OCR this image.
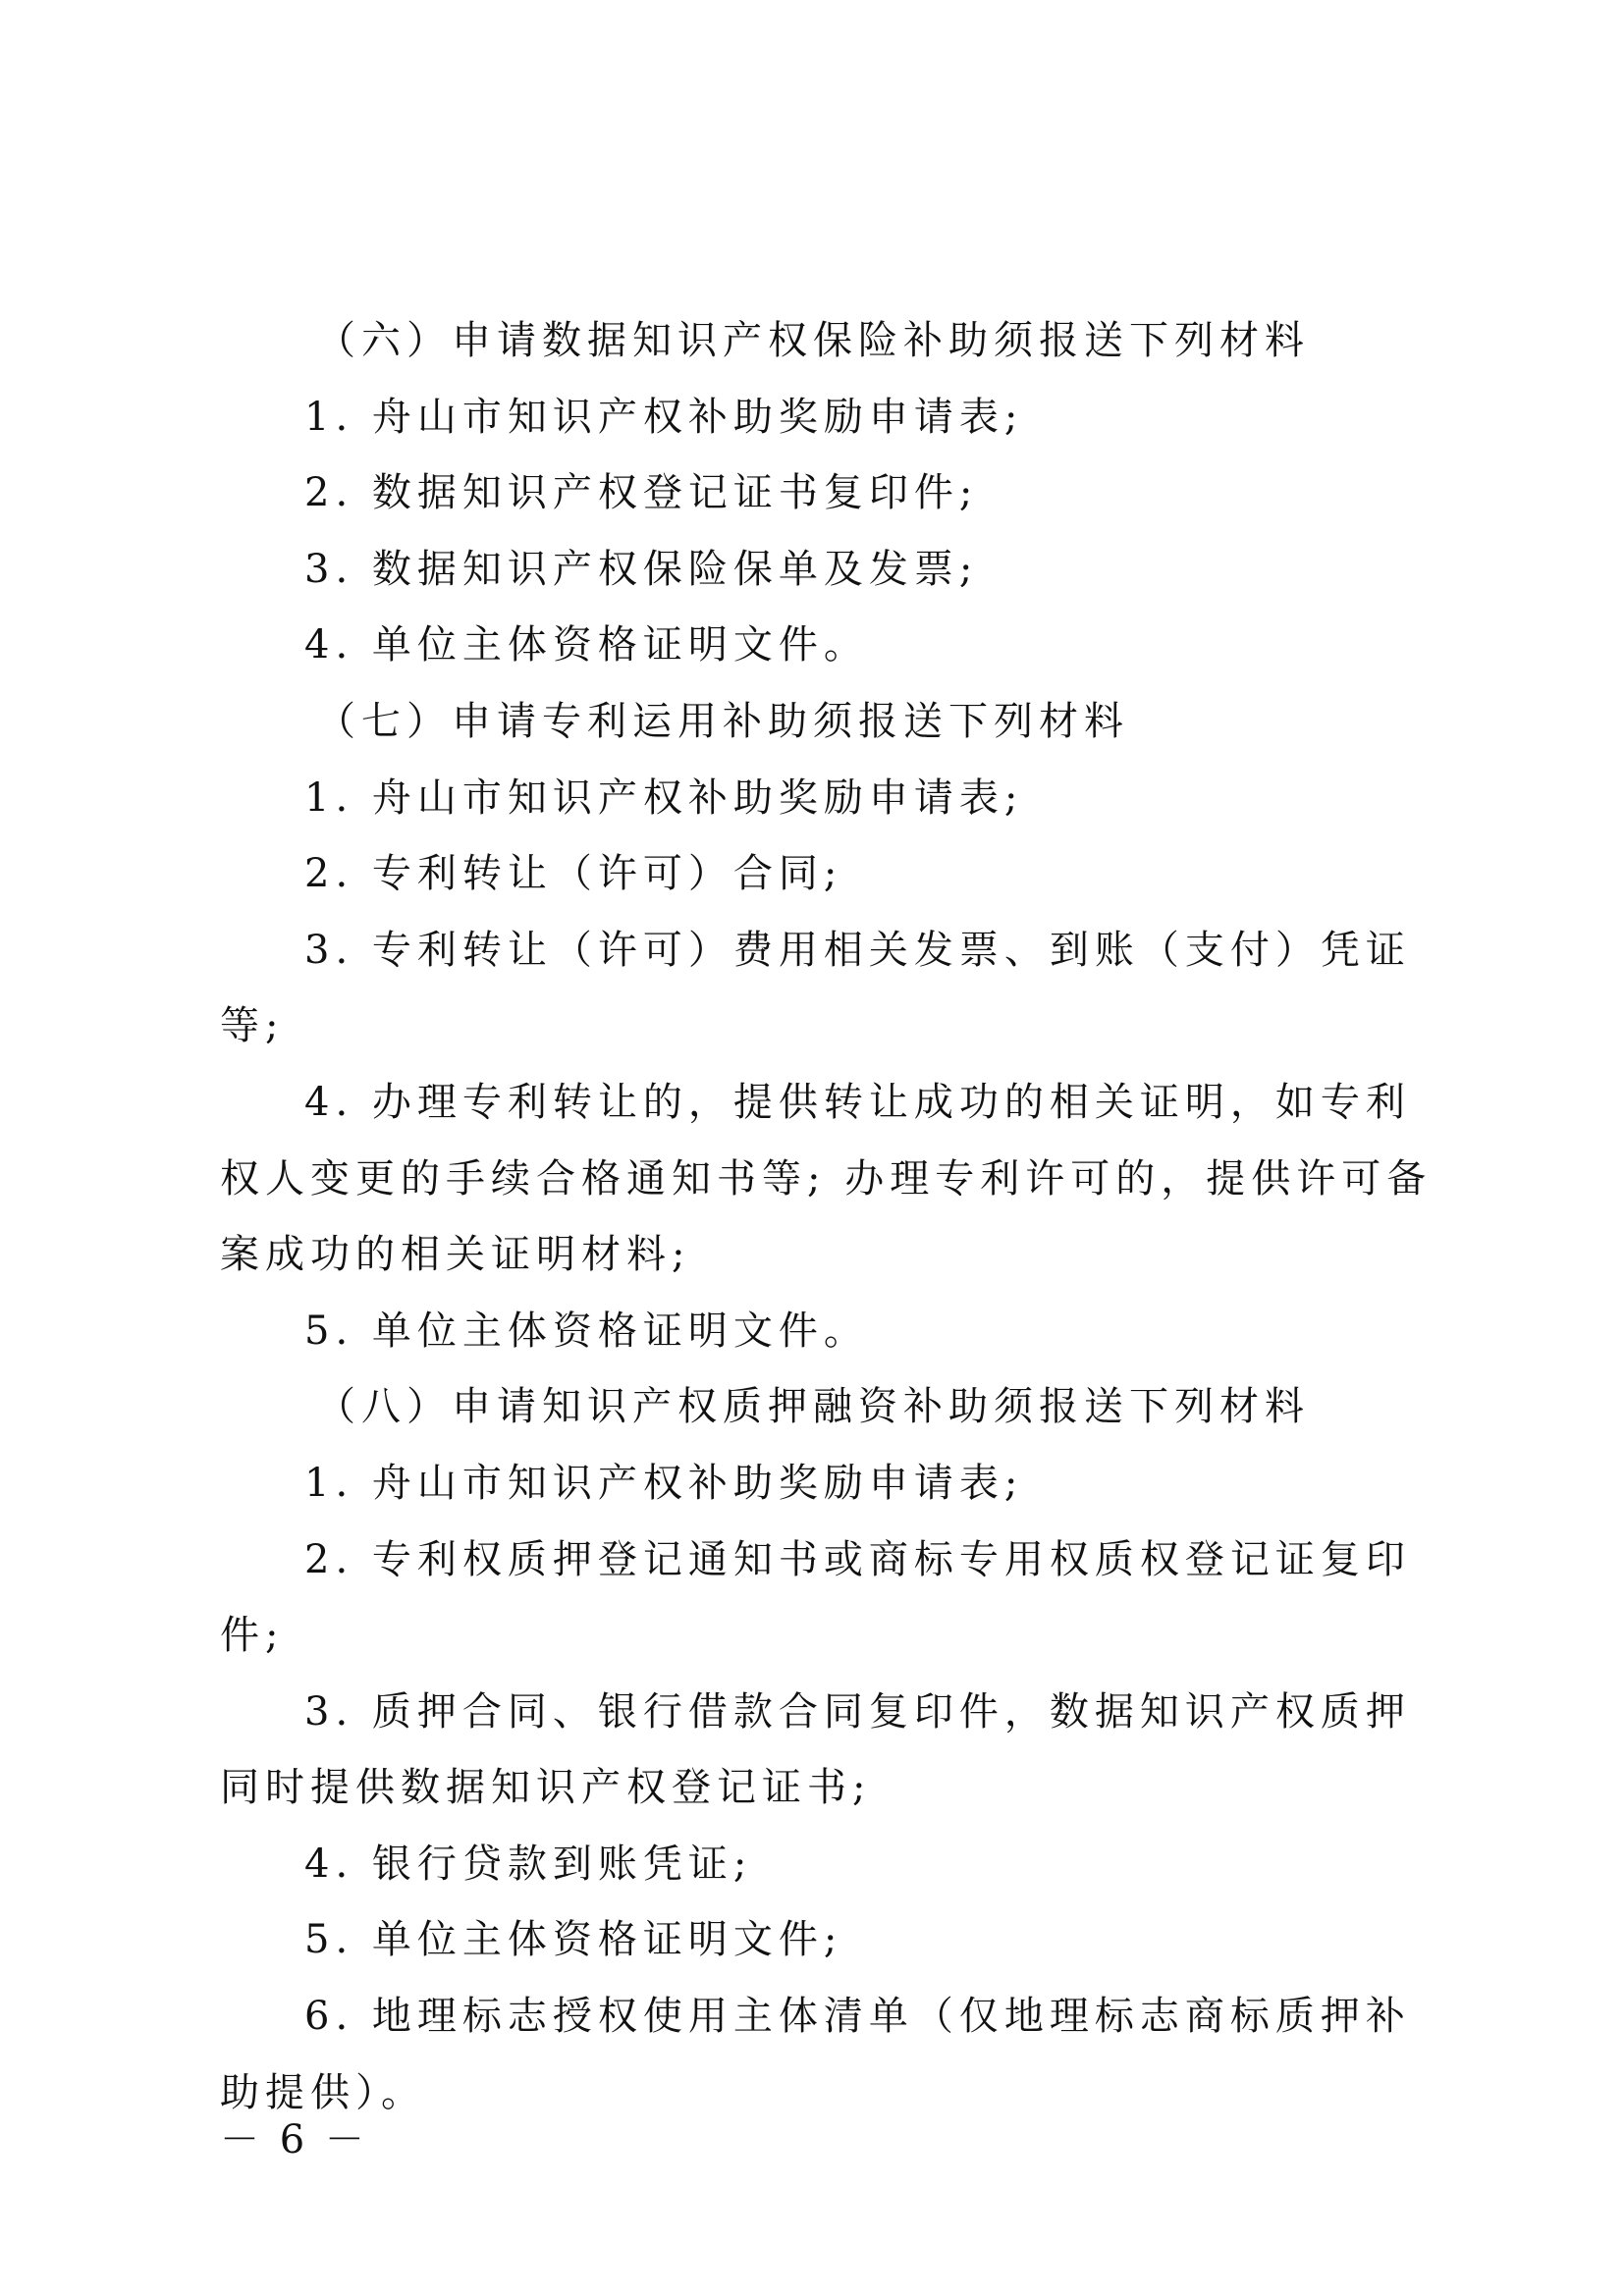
（六）申请数据知识产权保险补助须报送下列材料

1. 舟山市知识产权补助奖励申请表;

2. 数据知识产权登记证书复印件;

3. 数据知识产权保险保单及发票;

4. 单位主体资格证明文件。

（七）申请专利运用补助须报送下列材料

1. 舟山市知识产权补助奖励申请表;

2. 专利转让（许可）合同;

3. 专利转让（许可）费用相关发票、到账（支付）凭证等;

4. 办理专利转让的，提供转让成功的相关证明，如专利权人变更的手续合格通知书等; 办理专利许可的，提供许可备案成功的相关证明材料;

5. 单位主体资格证明文件。

（八）申请知识产权质押融资补助须报送下列材料

1. 舟山市知识产权补助奖励申请表;

2. 专利权质押登记通知书或商标专用权质权登记证复印件;

3. 质押合同、银行借款合同复印件，数据知识产权质押同时提供数据知识产权登记证书;

4. 银行贷款到账凭证;

5. 单位主体资格证明文件;

6. 地理标志授权使用主体清单（仅地理标志商标质押补助提供）。

－ 6 －
